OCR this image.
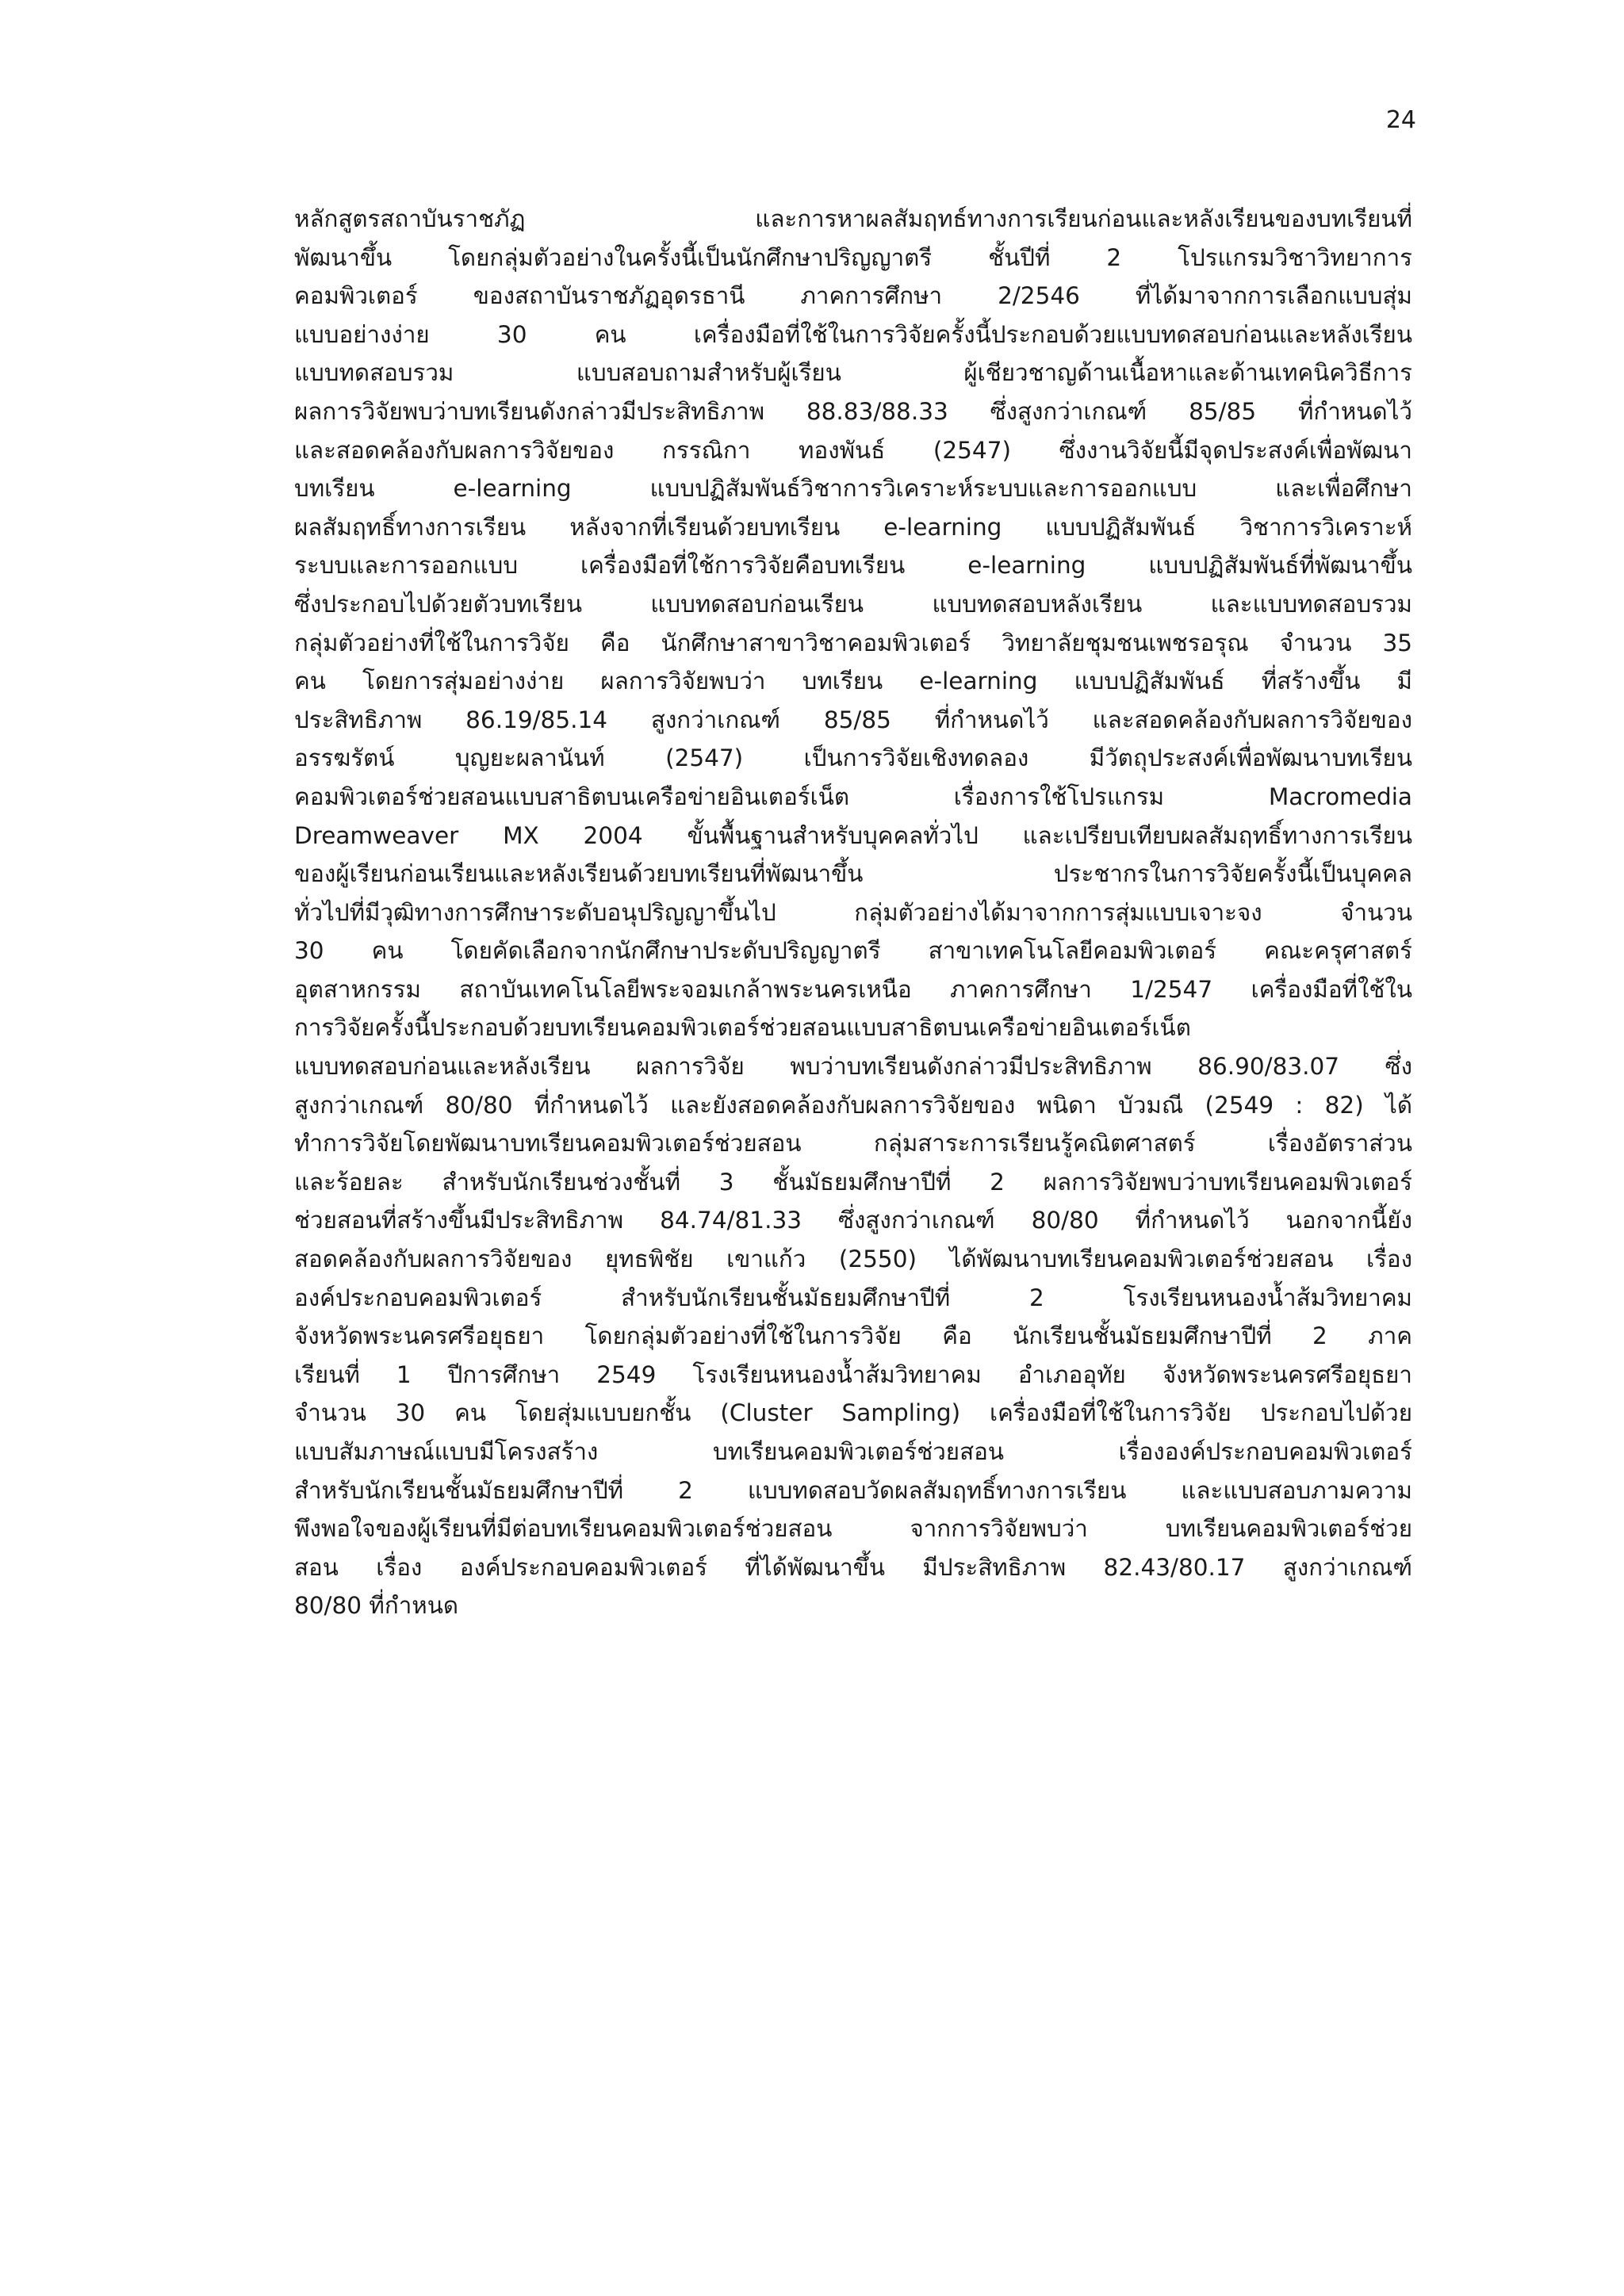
24
หลักสูตรสถาบันราชภัฏ และการหาผลสัมฤทธ์ทางการเรียนก่อนและหลังเรียนของบทเรียนที่
พัฒนาขึ้น โดยกลุ่มตัวอย่างในครั้งนี้เป็นนักศึกษาปริญญาตรี ชั้นปีที่ 2 โปรแกรมวิชาวิทยาการ
คอมพิวเตอร์ ของสถาบันราชภัฏอุดรธานี ภาคการศึกษา 2/2546 ที่ได้มาจากการเลือกแบบสุ่ม
แบบอย่างง่าย 30 คน เครื่องมือที่ใช้ในการวิจัยครั้งนี้ประกอบด้วยแบบทดสอบก่อนและหลังเรียน
แบบทดสอบรวม แบบสอบถามสำหรับผู้เรียน ผู้เชียวชาญด้านเนื้อหาและด้านเทคนิควิธีการ
ผลการวิจัยพบว่าบทเรียนดังกล่าวมีประสิทธิภาพ 88.83/88.33 ซึ่งสูงกว่าเกณฑ์ 85/85 ที่กำหนดไว้
และสอดคล้องกับผลการวิจัยของ กรรณิกา ทองพันธ์ (2547) ซึ่งงานวิจัยนี้มีจุดประสงค์เพื่อพัฒนา
บทเรียน e-learning แบบปฏิสัมพันธ์วิชาการวิเคราะห์ระบบและการออกแบบ และเพื่อศึกษา
ผลสัมฤทธิ์ทางการเรียน หลังจากที่เรียนด้วยบทเรียน e-learning แบบปฏิสัมพันธ์ วิชาการวิเคราะห์
ระบบและการออกแบบ เครื่องมือที่ใช้การวิจัยคือบทเรียน e-learning แบบปฏิสัมพันธ์ที่พัฒนาขึ้น
ซึ่งประกอบไปด้วยตัวบทเรียน แบบทดสอบก่อนเรียน แบบทดสอบหลังเรียน และแบบทดสอบรวม
กลุ่มตัวอย่างที่ใช้ในการวิจัย คือ นักศึกษาสาขาวิชาคอมพิวเตอร์ วิทยาลัยชุมชนเพชรอรุณ จำนวน 35
คน โดยการสุ่มอย่างง่าย ผลการวิจัยพบว่า บทเรียน e-learning แบบปฏิสัมพันธ์ ที่สร้างขึ้น มี
ประสิทธิภาพ 86.19/85.14 สูงกว่าเกณฑ์ 85/85 ที่กำหนดไว้ และสอดคล้องกับผลการวิจัยของ
อรรฆรัตน์ บุญยะผลานันท์ (2547) เป็นการวิจัยเชิงทดลอง มีวัตถุประสงค์เพื่อพัฒนาบทเรียน
คอมพิวเตอร์ช่วยสอนแบบสาธิตบนเครือข่ายอินเตอร์เน็ต เรื่องการใช้โปรแกรม Macromedia
Dreamweaver MX 2004 ขั้นพื้นฐานสำหรับบุคคลทั่วไป และเปรียบเทียบผลสัมฤทธิ์ทางการเรียน
ของผู้เรียนก่อนเรียนและหลังเรียนด้วยบทเรียนที่พัฒนาขึ้น ประชากรในการวิจัยครั้งนี้เป็นบุคคล
ทั่วไปที่มีวุฒิทางการศึกษาระดับอนุปริญญาขึ้นไป กลุ่มตัวอย่างได้มาจากการสุ่มแบบเจาะจง จำนวน
30 คน โดยคัดเลือกจากนักศึกษาประดับปริญญาตรี สาขาเทคโนโลยีคอมพิวเตอร์ คณะครุศาสตร์
อุตสาหกรรม สถาบันเทคโนโลยีพระจอมเกล้าพระนครเหนือ ภาคการศึกษา 1/2547 เครื่องมือที่ใช้ใน
การวิจัยครั้งนี้ประกอบด้วยบทเรียนคอมพิวเตอร์ช่วยสอนแบบสาธิตบนเครือข่ายอินเตอร์เน็ต
แบบทดสอบก่อนและหลังเรียน ผลการวิจัย พบว่าบทเรียนดังกล่าวมีประสิทธิภาพ 86.90/83.07 ซึ่ง
สูงกว่าเกณฑ์ 80/80 ที่กำหนดไว้ และยังสอดคล้องกับผลการวิจัยของ พนิดา บัวมณี (2549 : 82) ได้
ทำการวิจัยโดยพัฒนาบทเรียนคอมพิวเตอร์ช่วยสอน กลุ่มสาระการเรียนรู้คณิตศาสตร์ เรื่องอัตราส่วน
และร้อยละ สำหรับนักเรียนช่วงชั้นที่ 3 ชั้นมัธยมศึกษาปีที่ 2 ผลการวิจัยพบว่าบทเรียนคอมพิวเตอร์
ช่วยสอนที่สร้างขึ้นมีประสิทธิภาพ 84.74/81.33 ซึ่งสูงกว่าเกณฑ์ 80/80 ที่กำหนดไว้ นอกจากนี้ยัง
สอดคล้องกับผลการวิจัยของ ยุทธพิชัย เขาแก้ว (2550) ได้พัฒนาบทเรียนคอมพิวเตอร์ช่วยสอน เรื่อง
องค์ประกอบคอมพิวเตอร์ สำหรับนักเรียนชั้นมัธยมศึกษาปีที่ 2 โรงเรียนหนองน้ำส้มวิทยาคม
จังหวัดพระนครศรีอยุธยา โดยกลุ่มตัวอย่างที่ใช้ในการวิจัย คือ นักเรียนชั้นมัธยมศึกษาปีที่ 2 ภาค
เรียนที่ 1 ปีการศึกษา 2549 โรงเรียนหนองน้ำส้มวิทยาคม อำเภออุทัย จังหวัดพระนครศรีอยุธยา
จำนวน 30 คน โดยสุ่มแบบยกชั้น (Cluster Sampling) เครื่องมือที่ใช้ในการวิจัย ประกอบไปด้วย
แบบสัมภาษณ์แบบมีโครงสร้าง บทเรียนคอมพิวเตอร์ช่วยสอน เรื่ององค์ประกอบคอมพิวเตอร์
สำหรับนักเรียนชั้นมัธยมศึกษาปีที่ 2 แบบทดสอบวัดผลสัมฤทธิ์ทางการเรียน และแบบสอบภามความ
พึงพอใจของผู้เรียนที่มีต่อบทเรียนคอมพิวเตอร์ช่วยสอน จากการวิจัยพบว่า บทเรียนคอมพิวเตอร์ช่วย
สอน เรื่อง องค์ประกอบคอมพิวเตอร์ ที่ได้พัฒนาขึ้น มีประสิทธิภาพ 82.43/80.17 สูงกว่าเกณฑ์
80/80 ที่กำหนด
